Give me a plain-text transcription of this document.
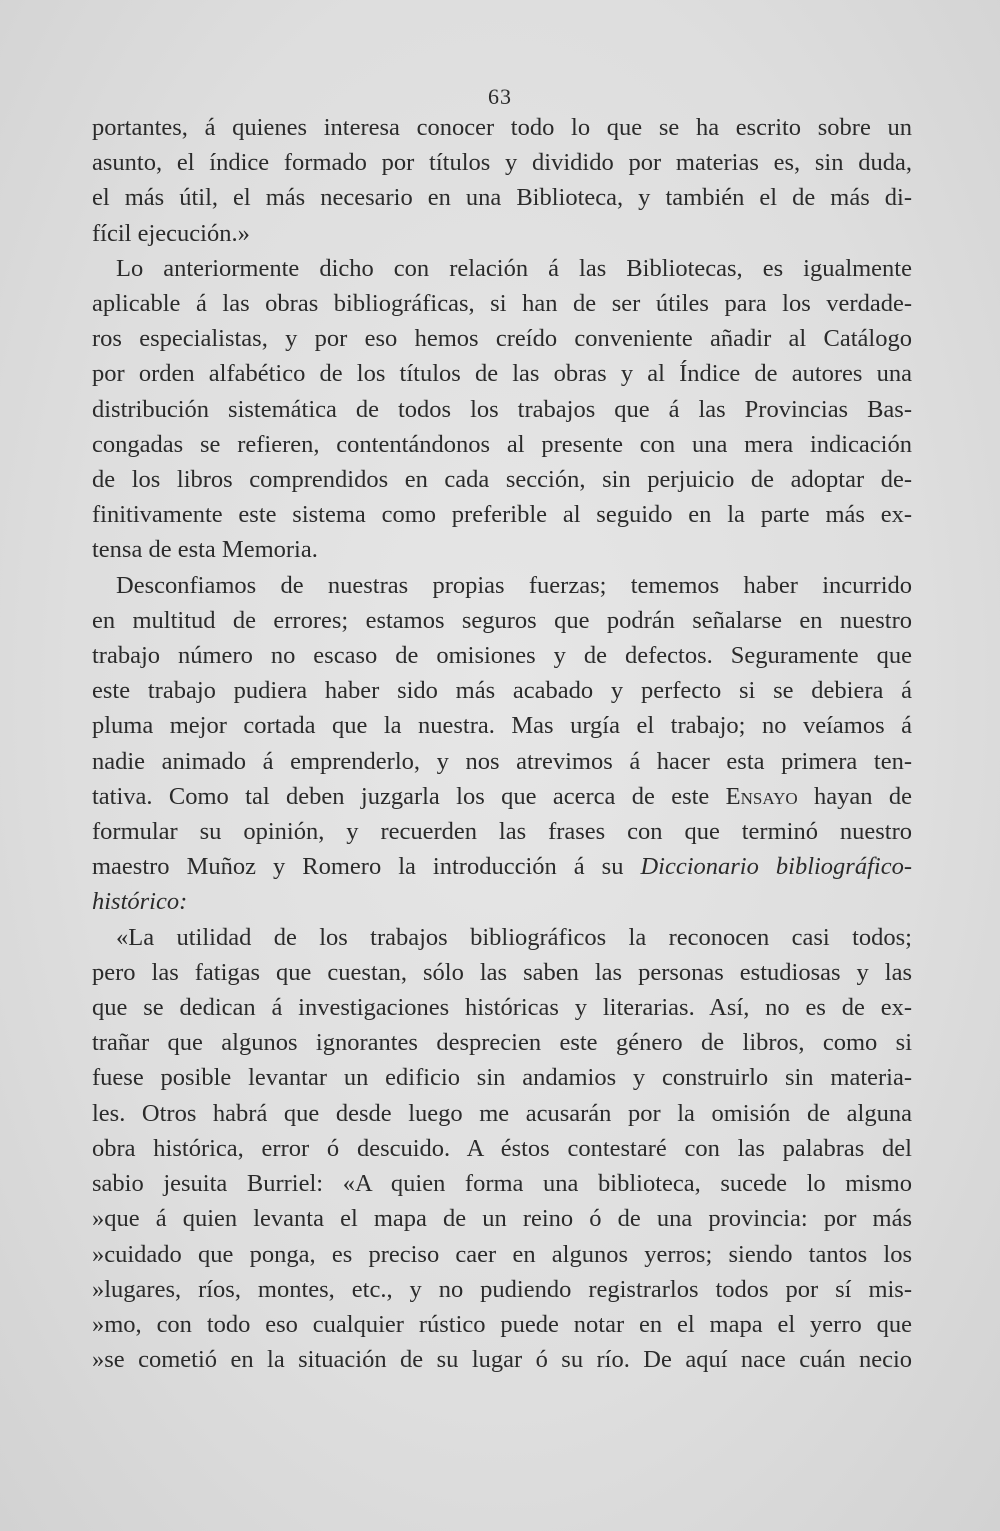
63
portantes, á quienes interesa conocer todo lo que se ha escrito sobre un
asunto, el índice formado por títulos y dividido por materias es, sin duda,
el más útil, el más necesario en una Biblioteca, y también el de más di-
fícil ejecución.»
Lo anteriormente dicho con relación á las Bibliotecas, es igualmente
aplicable á las obras bibliográficas, si han de ser útiles para los verdade-
ros especialistas, y por eso hemos creído conveniente añadir al Catálogo
por orden alfabético de los títulos de las obras y al Índice de autores una
distribución sistemática de todos los trabajos que á las Provincias Bas-
congadas se refieren, contentándonos al presente con una mera indicación
de los libros comprendidos en cada sección, sin perjuicio de adoptar de-
finitivamente este sistema como preferible al seguido en la parte más ex-
tensa de esta Memoria.
Desconfiamos de nuestras propias fuerzas; tememos haber incurrido
en multitud de errores; estamos seguros que podrán señalarse en nuestro
trabajo número no escaso de omisiones y de defectos. Seguramente que
este trabajo pudiera haber sido más acabado y perfecto si se debiera á
pluma mejor cortada que la nuestra. Mas urgía el trabajo; no veíamos á
nadie animado á emprenderlo, y nos atrevimos á hacer esta primera ten-
tativa. Como tal deben juzgarla los que acerca de este Ensayo hayan de
formular su opinión, y recuerden las frases con que terminó nuestro
maestro Muñoz y Romero la introducción á su Diccionario bibliográfico-
histórico:
«La utilidad de los trabajos bibliográficos la reconocen casi todos;
pero las fatigas que cuestan, sólo las saben las personas estudiosas y las
que se dedican á investigaciones históricas y literarias. Así, no es de ex-
trañar que algunos ignorantes desprecien este género de libros, como si
fuese posible levantar un edificio sin andamios y construirlo sin materia-
les. Otros habrá que desde luego me acusarán por la omisión de alguna
obra histórica, error ó descuido. A éstos contestaré con las palabras del
sabio jesuita Burriel: «A quien forma una biblioteca, sucede lo mismo
»que á quien levanta el mapa de un reino ó de una provincia: por más
»cuidado que ponga, es preciso caer en algunos yerros; siendo tantos los
»lugares, ríos, montes, etc., y no pudiendo registrarlos todos por sí mis-
»mo, con todo eso cualquier rústico puede notar en el mapa el yerro que
»se cometió en la situación de su lugar ó su río. De aquí nace cuán necio
